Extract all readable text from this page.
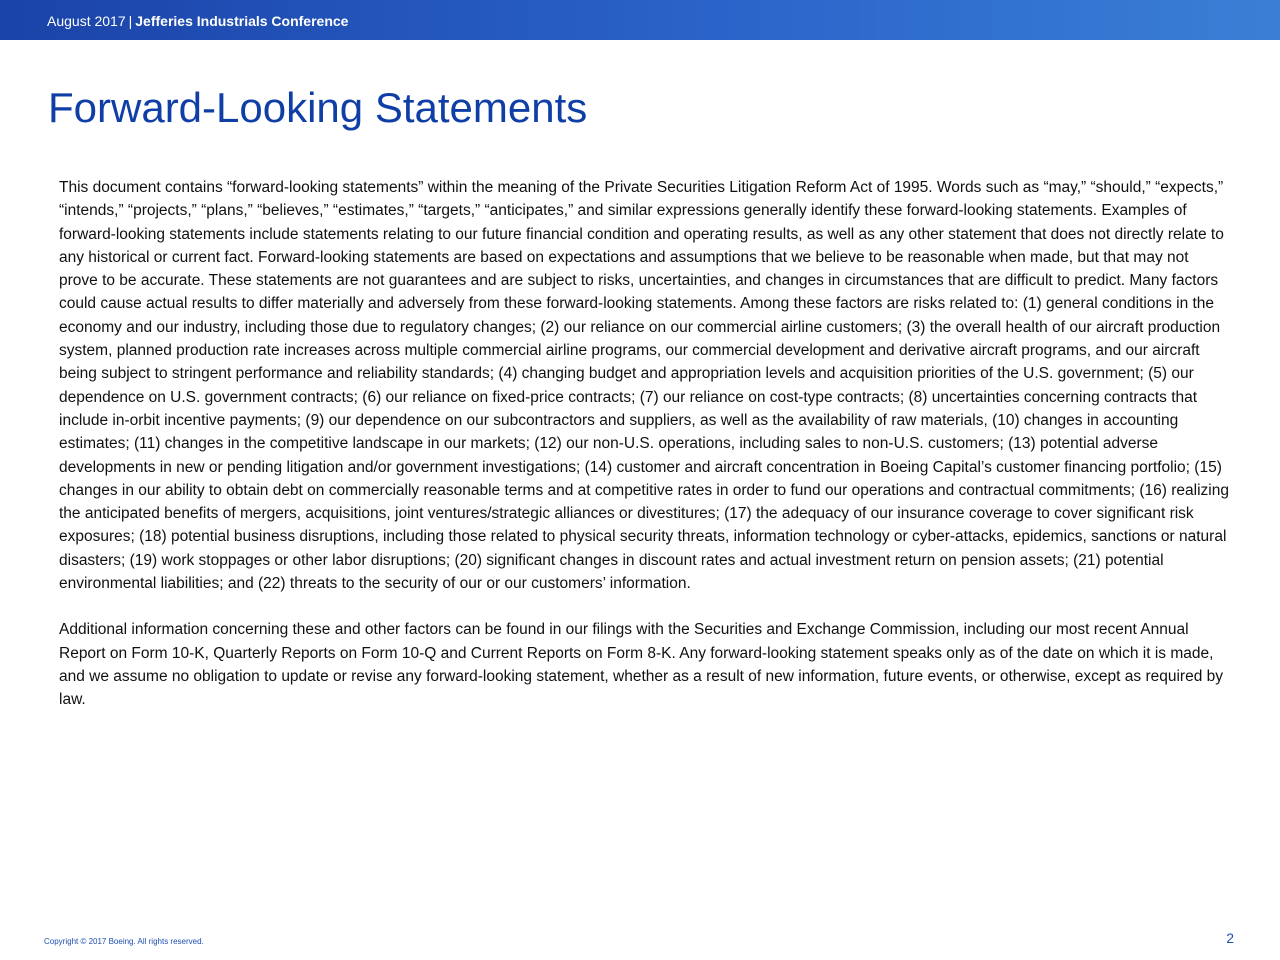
August 2017 | Jefferies Industrials Conference
Forward-Looking Statements

This document contains “forward-looking statements” within the meaning of the Private Securities Litigation Reform Act of 1995. Words such as “may,” “should,” “expects,” “intends,” “projects,” “plans,” “believes,” “estimates,” “targets,” “anticipates,” and similar expressions generally identify these forward-looking statements. Examples of forward-looking statements include statements relating to our future financial condition and operating results, as well as any other statement that does not directly relate to any historical or current fact. Forward-looking statements are based on expectations and assumptions that we believe to be reasonable when made, but that may not prove to be accurate. These statements are not guarantees and are subject to risks, uncertainties, and changes in circumstances that are difficult to predict. Many factors could cause actual results to differ materially and adversely from these forward-looking statements. Among these factors are risks related to: (1) general conditions in the economy and our industry, including those due to regulatory changes; (2) our reliance on our commercial airline customers; (3) the overall health of our aircraft production system, planned production rate increases across multiple commercial airline programs, our commercial development and derivative aircraft programs, and our aircraft being subject to stringent performance and reliability standards; (4) changing budget and appropriation levels and acquisition priorities of the U.S. government; (5) our dependence on U.S. government contracts; (6) our reliance on fixed-price contracts; (7) our reliance on cost-type contracts; (8) uncertainties concerning contracts that include in-orbit incentive payments; (9) our dependence on our subcontractors and suppliers, as well as the availability of raw materials, (10) changes in accounting estimates; (11) changes in the competitive landscape in our markets; (12) our non-U.S. operations, including sales to non-U.S. customers; (13) potential adverse developments in new or pending litigation and/or government investigations; (14) customer and aircraft concentration in Boeing Capital’s customer financing portfolio; (15) changes in our ability to obtain debt on commercially reasonable terms and at competitive rates in order to fund our operations and contractual commitments; (16) realizing the anticipated benefits of mergers, acquisitions, joint ventures/strategic alliances or divestitures; (17) the adequacy of our insurance coverage to cover significant risk exposures; (18) potential business disruptions, including those related to physical security threats, information technology or cyber-attacks, epidemics, sanctions or natural disasters; (19) work stoppages or other labor disruptions; (20) significant changes in discount rates and actual investment return on pension assets; (21) potential environmental liabilities; and (22) threats to the security of our or our customers’ information.

Additional information concerning these and other factors can be found in our filings with the Securities and Exchange Commission, including our most recent Annual Report on Form 10-K, Quarterly Reports on Form 10-Q and Current Reports on Form 8-K. Any forward-looking statement speaks only as of the date on which it is made, and we assume no obligation to update or revise any forward-looking statement, whether as a result of new information, future events, or otherwise, except as required by law.

Copyright © 2017 Boeing. All rights reserved.	2
